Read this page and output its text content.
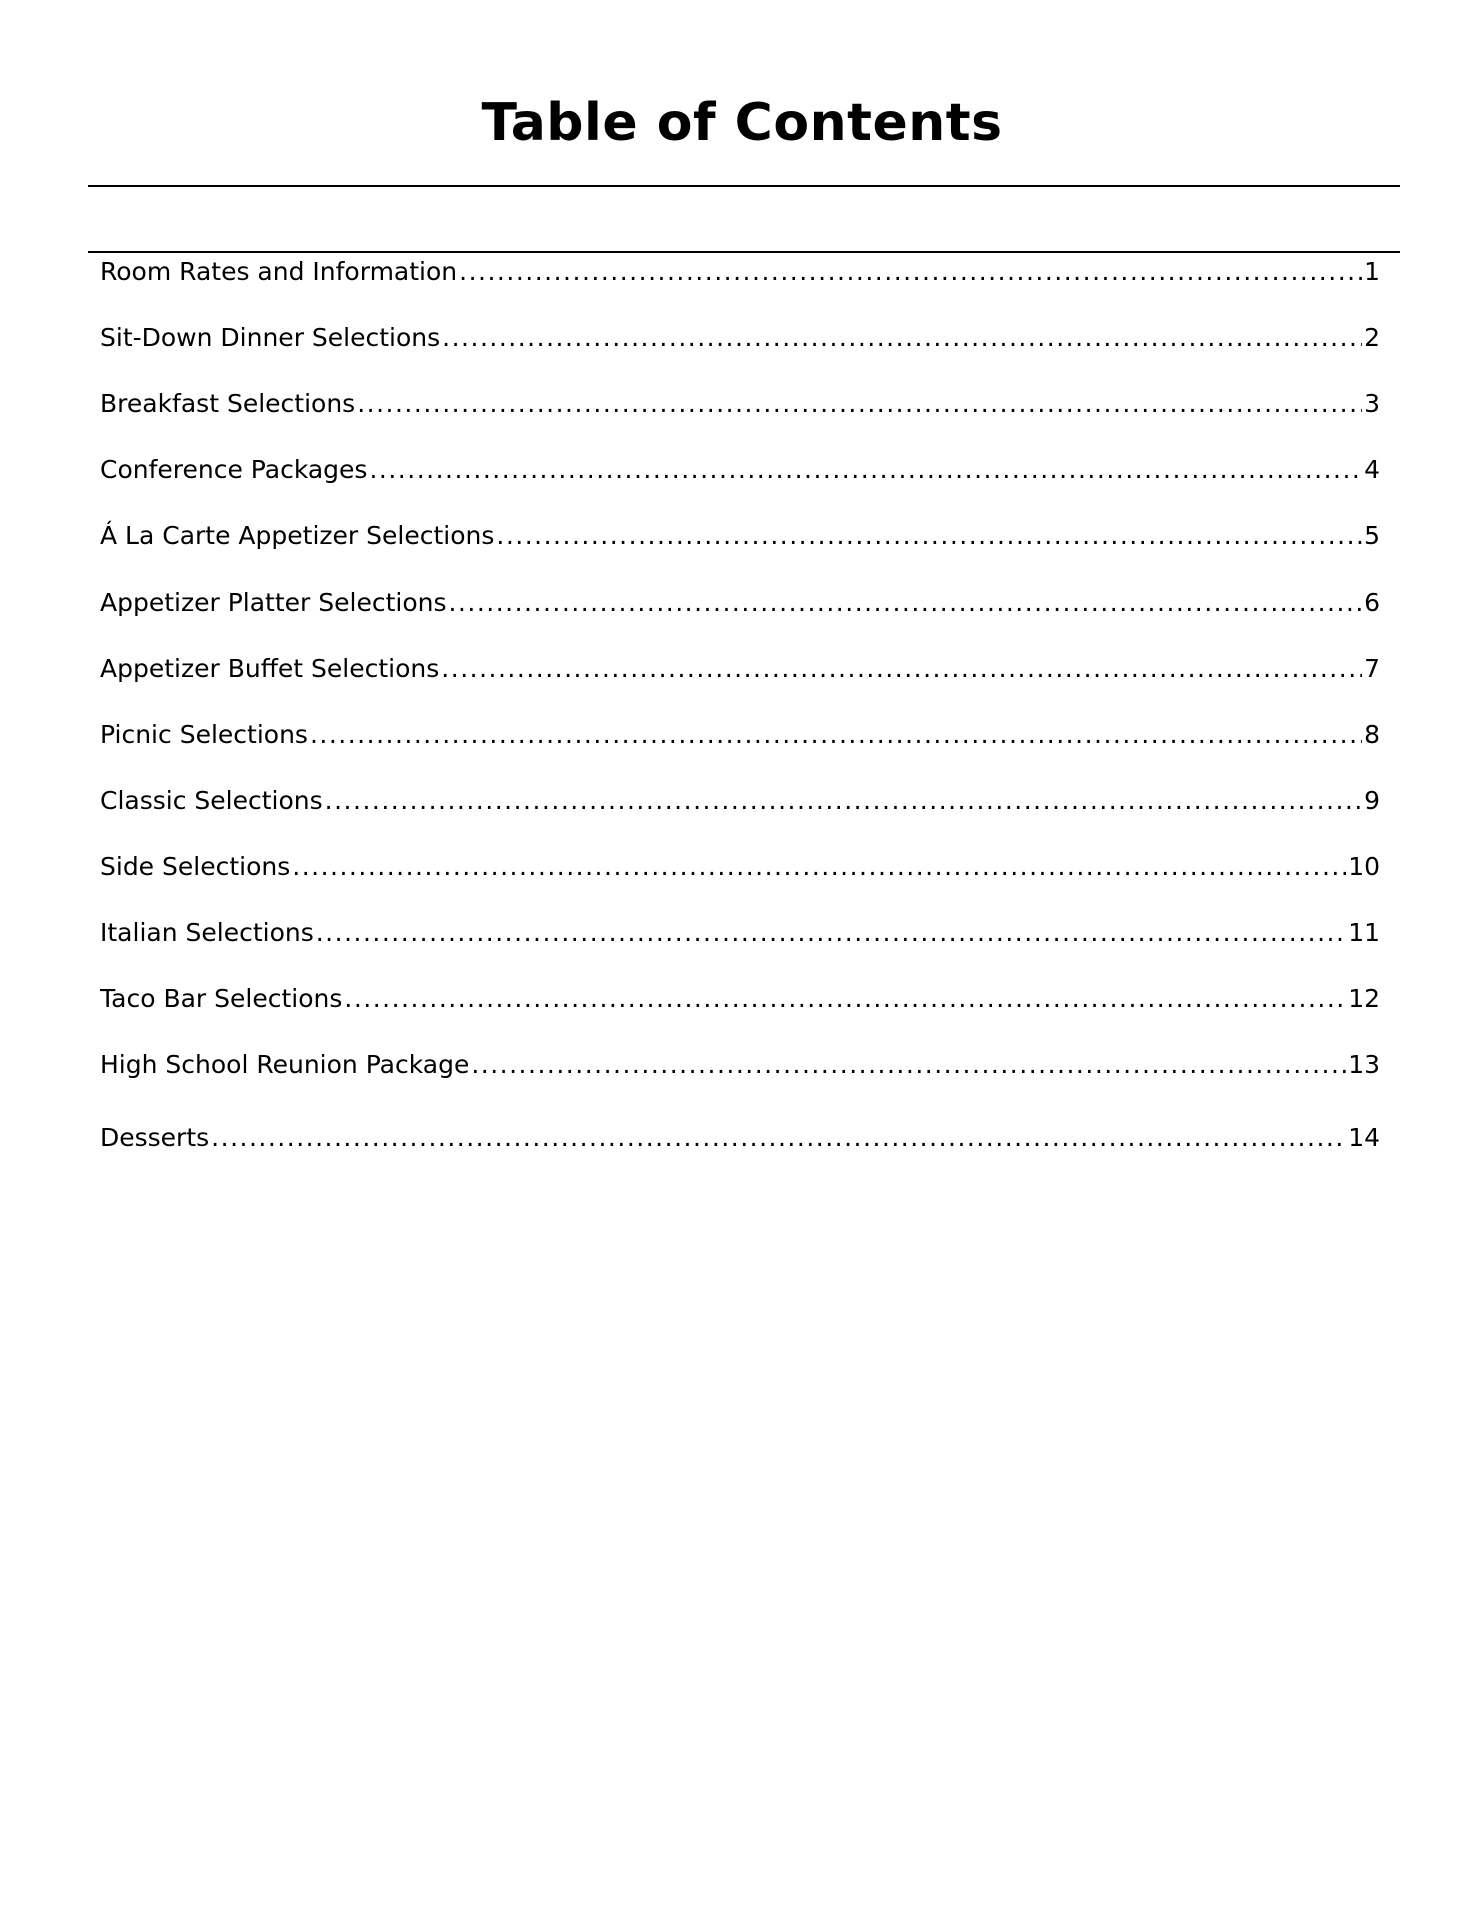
Table of Contents
Room Rates and Information .....	1
Sit-Down Dinner Selections .....	2
Breakfast Selections .....	3
Conference Packages .....	4
Á La Carte Appetizer Selections .....	5
Appetizer Platter Selections .....	6
Appetizer Buffet Selections .....	7
Picnic Selections .....	8
Classic Selections .....	9
Side Selections .....	10
Italian Selections .....	11
Taco Bar Selections .....	12
High School Reunion Package .....	13
Desserts .....	14
